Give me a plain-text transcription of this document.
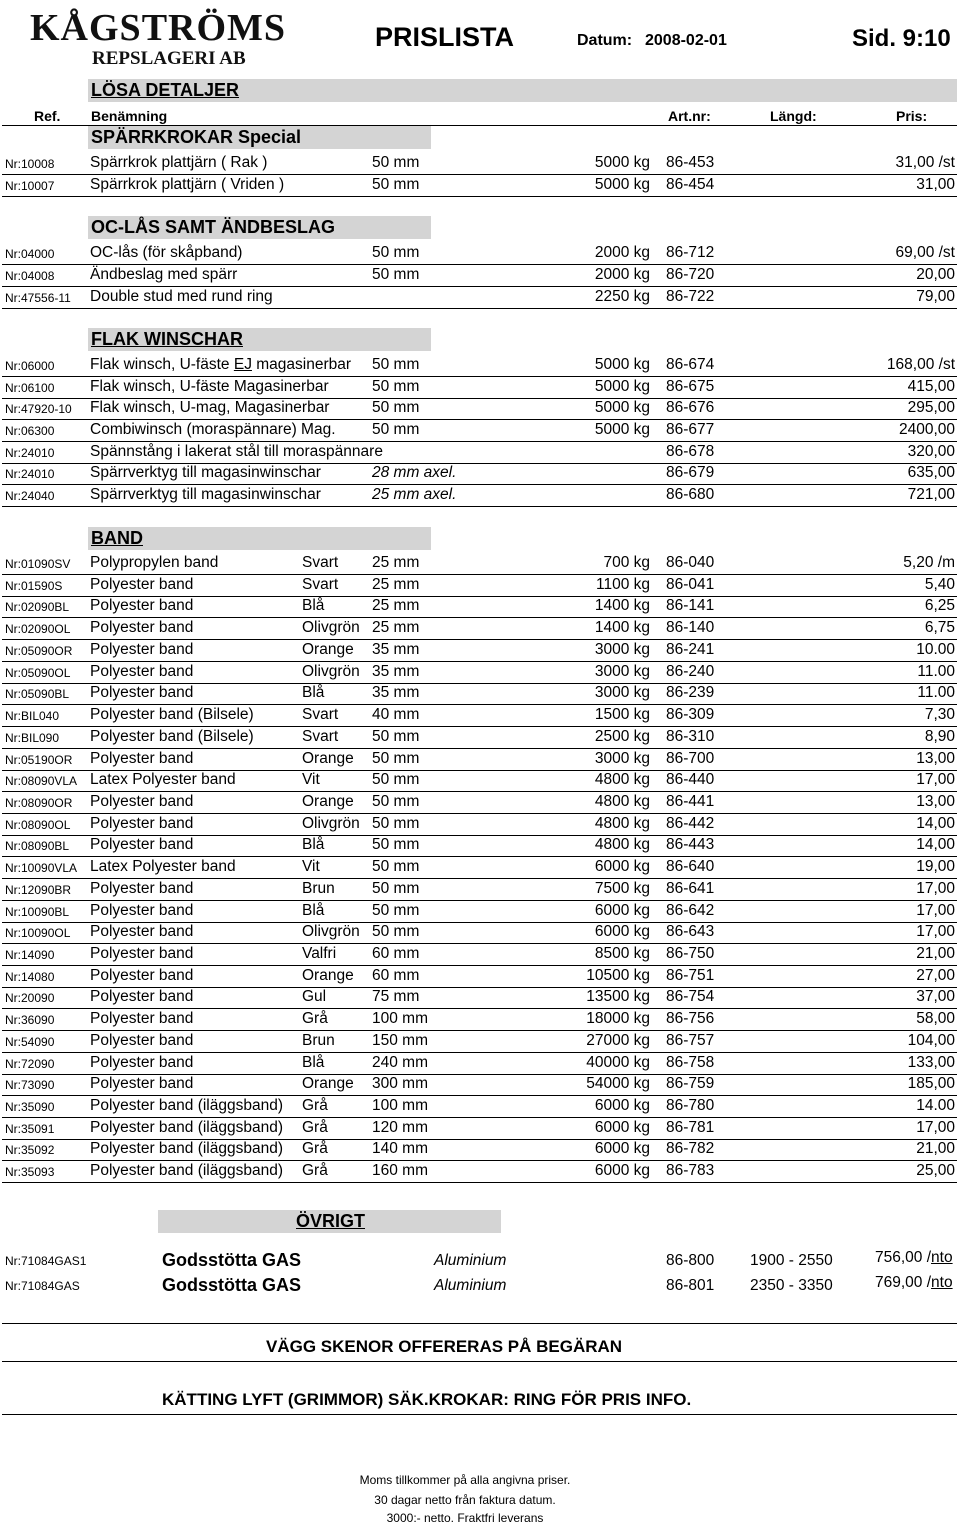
KÅGSTRÖMS
REPSLAGERI AB
PRISLISTA	Datum: 2008-02-01	Sid. 9:10
LÖSA DETALJER
Ref. Benämning	Art.nr:	Längd:	Pris:
SPÄRRKROKAR Special
Nr:10008 Spärrkrok plattjärn ( Rak )	50 mm	5000 kg 86-453	31,00 /st
Nr:10007 Spärrkrok plattjärn ( Vriden )	50 mm	5000 kg 86-454	31,00
OC-LÅS SAMT ÄNDBESLAG
Nr:04000 OC-lås (för skåpband)	50 mm	2000 kg 86-712	69,00 /st
Nr:04008 Ändbeslag med spärr	50 mm	2000 kg 86-720	20,00
Nr:47556-11 Double stud med rund ring	2250 kg 86-722	79,00
FLAK WINSCHAR
Nr:06000 Flak winsch, U-fäste EJ magasinerbar 50 mm	5000 kg 86-674	168,00 /st
Nr:06100 Flak winsch, U-fäste Magasinerbar	50 mm	5000 kg 86-675	415,00
Nr:47920-10 Flak winsch, U-mag, Magasinerbar	50 mm	5000 kg 86-676	295,00
Nr:06300 Combiwinsch (moraspännare) Mag. 50 mm	5000 kg 86-677	2400,00
Nr:24010 Spännstång i lakerat stål till moraspännare	86-678	320,00
Nr:24010 Spärrverktyg till magasinwinschar	28 mm axel.	86-679	635,00
Nr:24040 Spärrverktyg till magasinwinschar	25 mm axel.	86-680	721,00
BAND
Nr:01090SV Polypropylen band	Svart 25 mm	700 kg 86-040	5,20 /m
Nr:01590S Polyester band	Svart 25 mm	1100 kg 86-041	5,40
Nr:02090BL Polyester band	Blå	25 mm	1400 kg 86-141	6,25
Nr:02090OL Polyester band	Olivgrön 25 mm	1400 kg 86-140	6,75
Nr:05090OR Polyester band	Orange 35 mm	3000 kg 86-241	10.00
Nr:05090OL Polyester band	Olivgrön 35 mm	3000 kg 86-240	11.00
Nr:05090BL Polyester band	Blå	35 mm	3000 kg 86-239	11.00
Nr:BIL040 Polyester band (Bilsele)	Svart 40 mm	1500 kg 86-309	7,30
Nr:BIL090 Polyester band (Bilsele)	Svart 50 mm	2500 kg 86-310	8,90
Nr:05190OR Polyester band	Orange 50 mm	3000 kg 86-700	13,00
Nr:08090VLA Latex Polyester band	Vit	50 mm	4800 kg 86-440	17,00
Nr:08090OR Polyester band	Orange 50 mm	4800 kg 86-441	13,00
Nr:08090OL Polyester band	Olivgrön 50 mm	4800 kg 86-442	14,00
Nr:08090BL Polyester band	Blå	50 mm	4800 kg 86-443	14,00
Nr:10090VLA Latex Polyester band	Vit	50 mm	6000 kg 86-640	19,00
Nr:12090BR Polyester band	Brun 50 mm	7500 kg 86-641	17,00
Nr:10090BL Polyester band	Blå	50 mm	6000 kg 86-642	17,00
Nr:10090OL Polyester band	Olivgrön 50 mm	6000 kg 86-643	17,00
Nr:14090 Polyester band	Valfri 60 mm	8500 kg 86-750	21,00
Nr:14080 Polyester band	Orange 60 mm	10500 kg 86-751	27,00
Nr:20090 Polyester band	Gul	75 mm	13500 kg 86-754	37,00
Nr:36090 Polyester band	Grå	100 mm	18000 kg 86-756	58,00
Nr:54090 Polyester band	Brun 150 mm	27000 kg 86-757	104,00
Nr:72090 Polyester band	Blå	240 mm	40000 kg 86-758	133,00
Nr:73090 Polyester band	Orange 300 mm	54000 kg 86-759	185,00
Nr:35090 Polyester band (iläggsband) Grå	100 mm	6000 kg 86-780	14.00
Nr:35091 Polyester band (iläggsband) Grå	120 mm	6000 kg 86-781	17,00
Nr:35092 Polyester band (iläggsband) Grå	140 mm	6000 kg 86-782	21,00
Nr:35093 Polyester band (iläggsband) Grå	160 mm	6000 kg 86-783	25,00
ÖVRIGT
Nr:71084GAS1	Godsstötta GAS	Aluminium	86-800 1900 - 2550	756,00 /nto
Nr:71084GAS	Godsstötta GAS	Aluminium	86-801 2350 - 3350	769,00 /nto
VÄGG SKENOR OFFERERAS PÅ BEGÄRAN
KÄTTING LYFT (GRIMMOR) SÄK.KROKAR: RING FÖR PRIS INFO.
Moms tillkommer på alla angivna priser.
30 dagar netto från faktura datum.
3000:- netto. Fraktfri leverans
